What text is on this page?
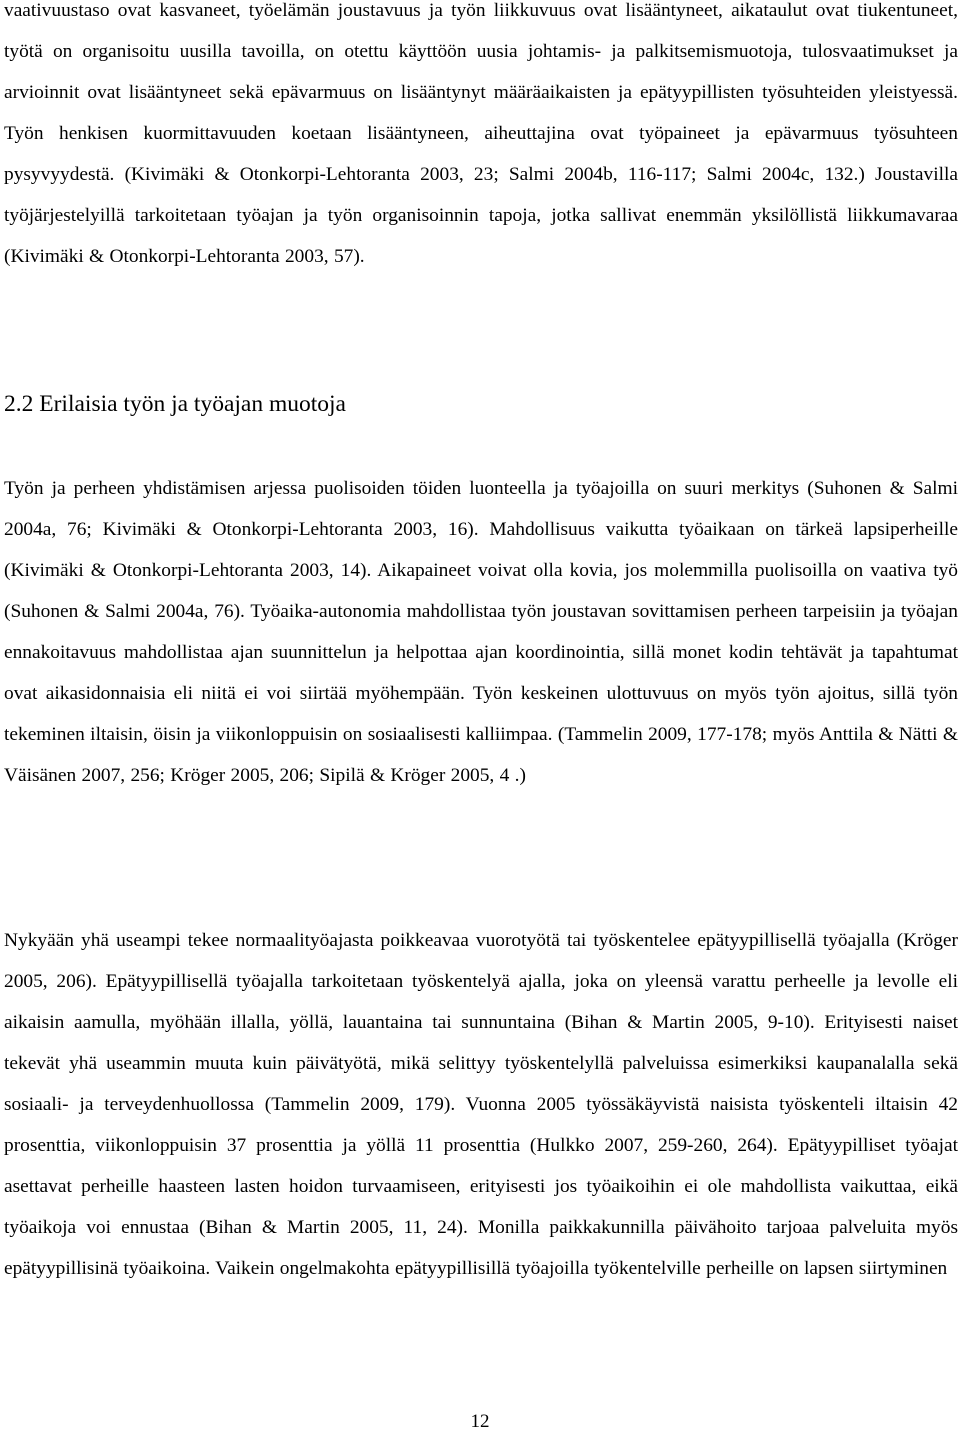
vaativuustaso ovat kasvaneet, työelämän joustavuus ja työn liikkuvuus ovat lisääntyneet, aikataulut ovat tiukentuneet, työtä on organisoitu uusilla tavoilla, on otettu käyttöön uusia johtamis- ja palkitsemismuotoja, tulosvaatimukset ja arvioinnit ovat lisääntyneet sekä epävarmuus on lisääntynyt määräaikaisten ja epätyypillisten työsuhteiden yleistyessä. Työn henkisen kuormittavuuden koetaan lisääntyneen, aiheuttajina ovat työpaineet ja epävarmuus työsuhteen pysyvyydestä. (Kivimäki & Otonkorpi-Lehtoranta 2003, 23; Salmi 2004b, 116-117; Salmi 2004c, 132.) Joustavilla työjärjestelyillä tarkoitetaan työajan ja työn organisoinnin tapoja, jotka sallivat enemmän yksilöllistä liikkumavaraa (Kivimäki & Otonkorpi-Lehtoranta 2003, 57).

2.2 Erilaisia työn ja työajan muotoja

Työn ja perheen yhdistämisen arjessa puolisoiden töiden luonteella ja työajoilla on suuri merkitys (Suhonen & Salmi 2004a, 76; Kivimäki & Otonkorpi-Lehtoranta 2003, 16). Mahdollisuus vaikutta työaikaan on tärkeä lapsiperheille (Kivimäki & Otonkorpi-Lehtoranta 2003, 14). Aikapaineet voivat olla kovia, jos molemmilla puolisoilla on vaativa työ (Suhonen & Salmi 2004a, 76). Työaika-autonomia mahdollistaa työn joustavan sovittamisen perheen tarpeisiin ja työajan ennakoitavuus mahdollistaa ajan suunnittelun ja helpottaa ajan koordinointia, sillä monet kodin tehtävät ja tapahtumat ovat aikasidonnaisia eli niitä ei voi siirtää myöhempään. Työn keskeinen ulottuvuus on myös työn ajoitus, sillä työn tekeminen iltaisin, öisin ja viikonloppuisin on sosiaalisesti kalliimpaa. (Tammelin 2009, 177-178; myös Anttila & Nätti & Väisänen 2007, 256; Kröger 2005, 206; Sipilä & Kröger 2005, 4 .)

Nykyään yhä useampi tekee normaalityöajasta poikkeavaa vuorotyötä tai työskentelee epätyypillisellä työajalla (Kröger 2005, 206). Epätyypillisellä työajalla tarkoitetaan työskentelyä ajalla, joka on yleensä varattu perheelle ja levolle eli aikaisin aamulla, myöhään illalla, yöllä, lauantaina tai sunnuntaina (Bihan & Martin 2005, 9-10). Erityisesti naiset tekevät yhä useammin muuta kuin päivätyötä, mikä selittyy työskentelyllä palveluissa esimerkiksi kaupanalalla sekä sosiaali- ja terveydenhuollossa (Tammelin 2009, 179). Vuonna 2005 työssäkäyvistä naisista työskenteli iltaisin 42 prosenttia, viikonloppuisin 37 prosenttia ja yöllä 11 prosenttia (Hulkko 2007, 259-260, 264). Epätyypilliset työajat asettavat perheille haasteen lasten hoidon turvaamiseen, erityisesti jos työaikoihin ei ole mahdollista vaikuttaa, eikä työaikoja voi ennustaa (Bihan & Martin 2005, 11, 24). Monilla paikkakunnilla päivähoito tarjoaa palveluita myös epätyypillisinä työaikoina. Vaikein ongelmakohta epätyypillisillä työajoilla työkentelville perheille on lapsen siirtyminen

12
